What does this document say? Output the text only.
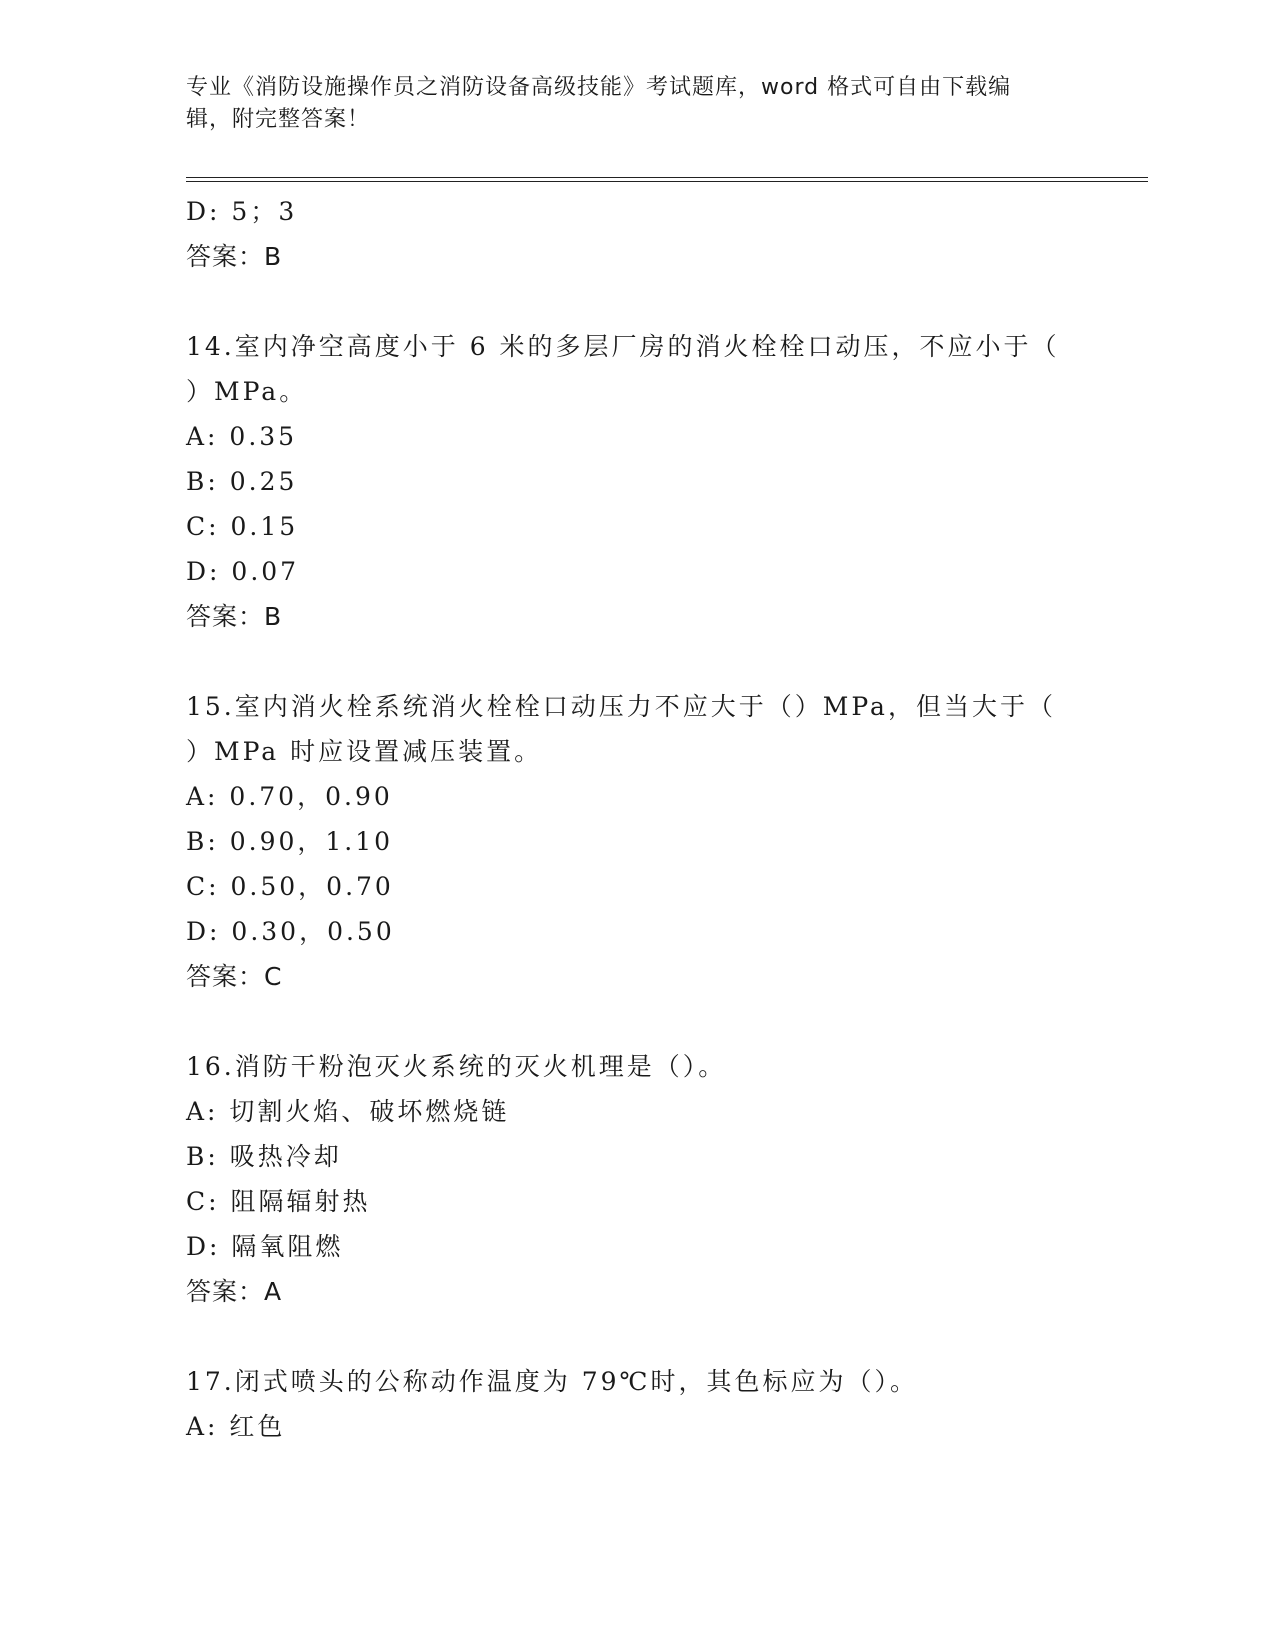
专业《消防设施操作员之消防设备高级技能》考试题库，word 格式可自由下载编
辑，附完整答案！

D: 5；3

答案：B

14.室内净空高度小于 6 米的多层厂房的消火栓栓口动压，不应小于（

）MPa。

A: 0.35

B: 0.25

C: 0.15

D: 0.07

答案：B

15.室内消火栓系统消火栓栓口动压力不应大于（）MPa，但当大于（

）MPa 时应设置减压装置。

A: 0.70，0.90

B: 0.90，1.10

C: 0.50，0.70

D: 0.30，0.50

答案：C

16.消防干粉泡灭火系统的灭火机理是（）。

A: 切割火焰、破坏燃烧链

B: 吸热冷却

C: 阻隔辐射热

D: 隔氧阻燃

答案：A

17.闭式喷头的公称动作温度为 79℃时，其色标应为（）。

A: 红色
